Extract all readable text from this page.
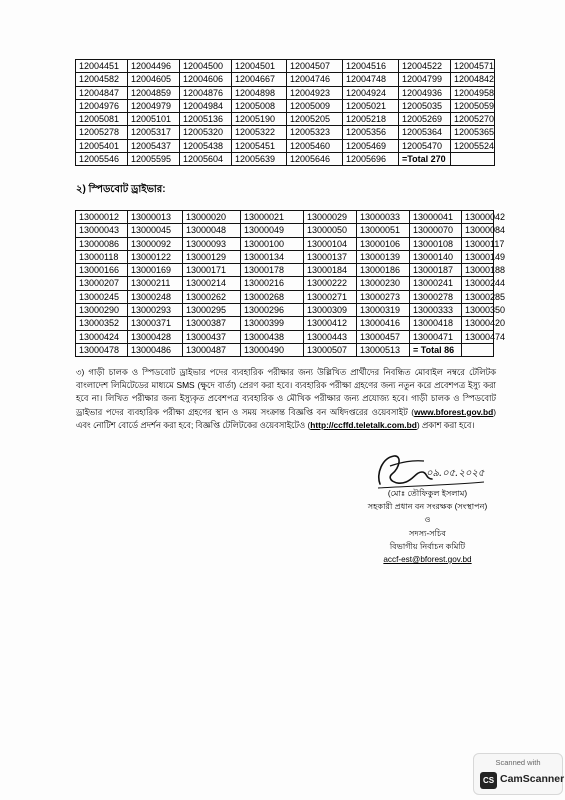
12004451	12004496	12004500	12004501	12004507	12004516	12004522	12004571
12004582	12004605	12004606	12004667	12004746	12004748	12004799	12004842
12004847	12004859	12004876	12004898	12004923	12004924	12004936	12004958
12004976	12004979	12004984	12005008	12005009	12005021	12005035	12005059
12005081	12005101	12005136	12005190	12005205	12005218	12005269	12005270
12005278	12005317	12005320	12005322	12005323	12005356	12005364	12005365
12005401	12005437	12005438	12005451	12005460	12005469	12005470	12005524
12005546	12005595	12005604	12005639	12005646	12005696	=Total 270	
২) স্পিডবোট ড্রাইভার:
13000012	13000013	13000020	13000021	13000029	13000033	13000041	13000042
13000043	13000045	13000048	13000049	13000050	13000051	13000070	13000084
13000086	13000092	13000093	13000100	13000104	13000106	13000108	13000117
13000118	13000122	13000129	13000134	13000137	13000139	13000140	13000149
13000166	13000169	13000171	13000178	13000184	13000186	13000187	13000188
13000207	13000211	13000214	13000216	13000222	13000230	13000241	13000244
13000245	13000248	13000262	13000268	13000271	13000273	13000278	13000285
13000290	13000293	13000295	13000296	13000309	13000319	13000333	13000350
13000352	13000371	13000387	13000399	13000412	13000416	13000418	13000420
13000424	13000428	13000437	13000438	13000443	13000457	13000471	13000474
13000478	13000486	13000487	13000490	13000507	13000513	= Total 86	
৩) গাড়ী চালক ও স্পিডবোট ড্রাইভার পদের ব্যবহারিক পরীক্ষার জন্য উল্লিখিত প্রার্থীদের নিবন্ধিত মোবাইল নম্বরে টেলিটক বাংলাদেশ লিমিটেডের মাধ্যমে SMS (ক্ষুদে বার্তা) প্রেরণ করা হবে। ব্যবহারিক পরীক্ষা গ্রহণের জন্য নতুন করে প্রবেশপত্র ইস্যু করা হবে না। লিখিত পরীক্ষার জন্য ইস্যুকৃত প্রবেশপত্র ব্যবহারিক ও মৌখিক পরীক্ষার জন্য প্রযোজ্য হবে। গাড়ী চালক ও স্পিডবোট ড্রাইভার পদের ব্যবহারিক পরীক্ষা গ্রহণের স্থান ও সময় সংক্রান্ত বিজ্ঞপ্তি বন অধিদপ্তরের ওয়েবসাইট (www.bforest.gov.bd) এবং নোটিশ বোর্ডে প্রদর্শন করা হবে; বিজ্ঞপ্তি টেলিটকের ওয়েবসাইটেও (http://ccffd.teletalk.com.bd) প্রকাশ করা হবে।
০৯.০৫.২০২৫
(মোঃ তৌফিকুল ইসলাম)
সহকারী প্রধান বন সংরক্ষক (সংস্থাপন)
ও
সদস্য-সচিব
বিভাগীয় নির্বাচন কমিটি
accf-est@bforest.gov.bd
Scanned with
CS CamScanner
